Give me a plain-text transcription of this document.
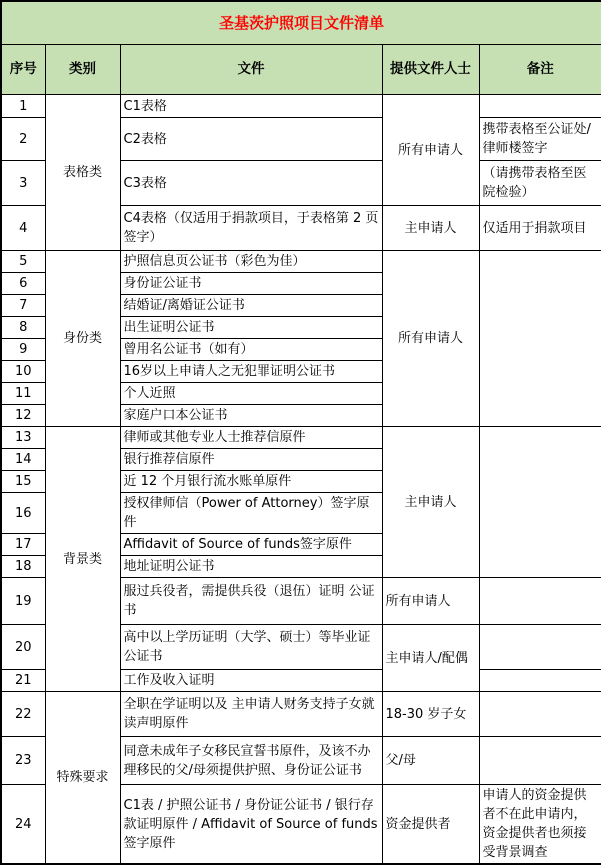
圣基茨护照项目文件清单				
序号	类别	文件	提供文件人士	备注
1	表格类	C1表格	所有申请人	
2		C2表格		携带表格至公证处/律师楼签字
3		C3表格		（请携带表格至医院检验）
4		C4表格（仅适用于捐款项目，于表格第 2 页签字）	主申请人	仅适用于捐款项目
5	身份类	护照信息页公证书（彩色为佳）	所有申请人	
6		身份证公证书		
7		结婚证/离婚证公证书		
8		出生证明公证书		
9		曾用名公证书（如有）		
10		16岁以上申请人之无犯罪证明公证书		
11		个人近照		
12		家庭户口本公证书		
13	背景类	律师或其他专业人士推荐信原件	主申请人	
14		银行推荐信原件		
15		近 12 个月银行流水账单原件		
16		授权律师信（Power of Attorney）签字原件		
17		Affidavit of Source of funds签字原件		
18		地址证明公证书		
19		服过兵役者，需提供兵役（退伍）证明 公证书	所有申请人	
20		高中以上学历证明（大学、硕士）等毕业证公证书	主申请人/配偶	
21		工作及收入证明		
22	特殊要求	全职在学证明以及 主申请人财务支持子女就读声明原件	18-30 岁子女	
23		同意未成年子女移民宣誓书原件，及该不办理移民的父/母须提供护照、身份证公证书	父/母	
24		C1表 / 护照公证书 / 身份证公证书 / 银行存款证明原件 / Affidavit of Source of funds 签字原件	资金提供者	申请人的资金提供者不在此申请内，资金提供者也须接受背景调查
